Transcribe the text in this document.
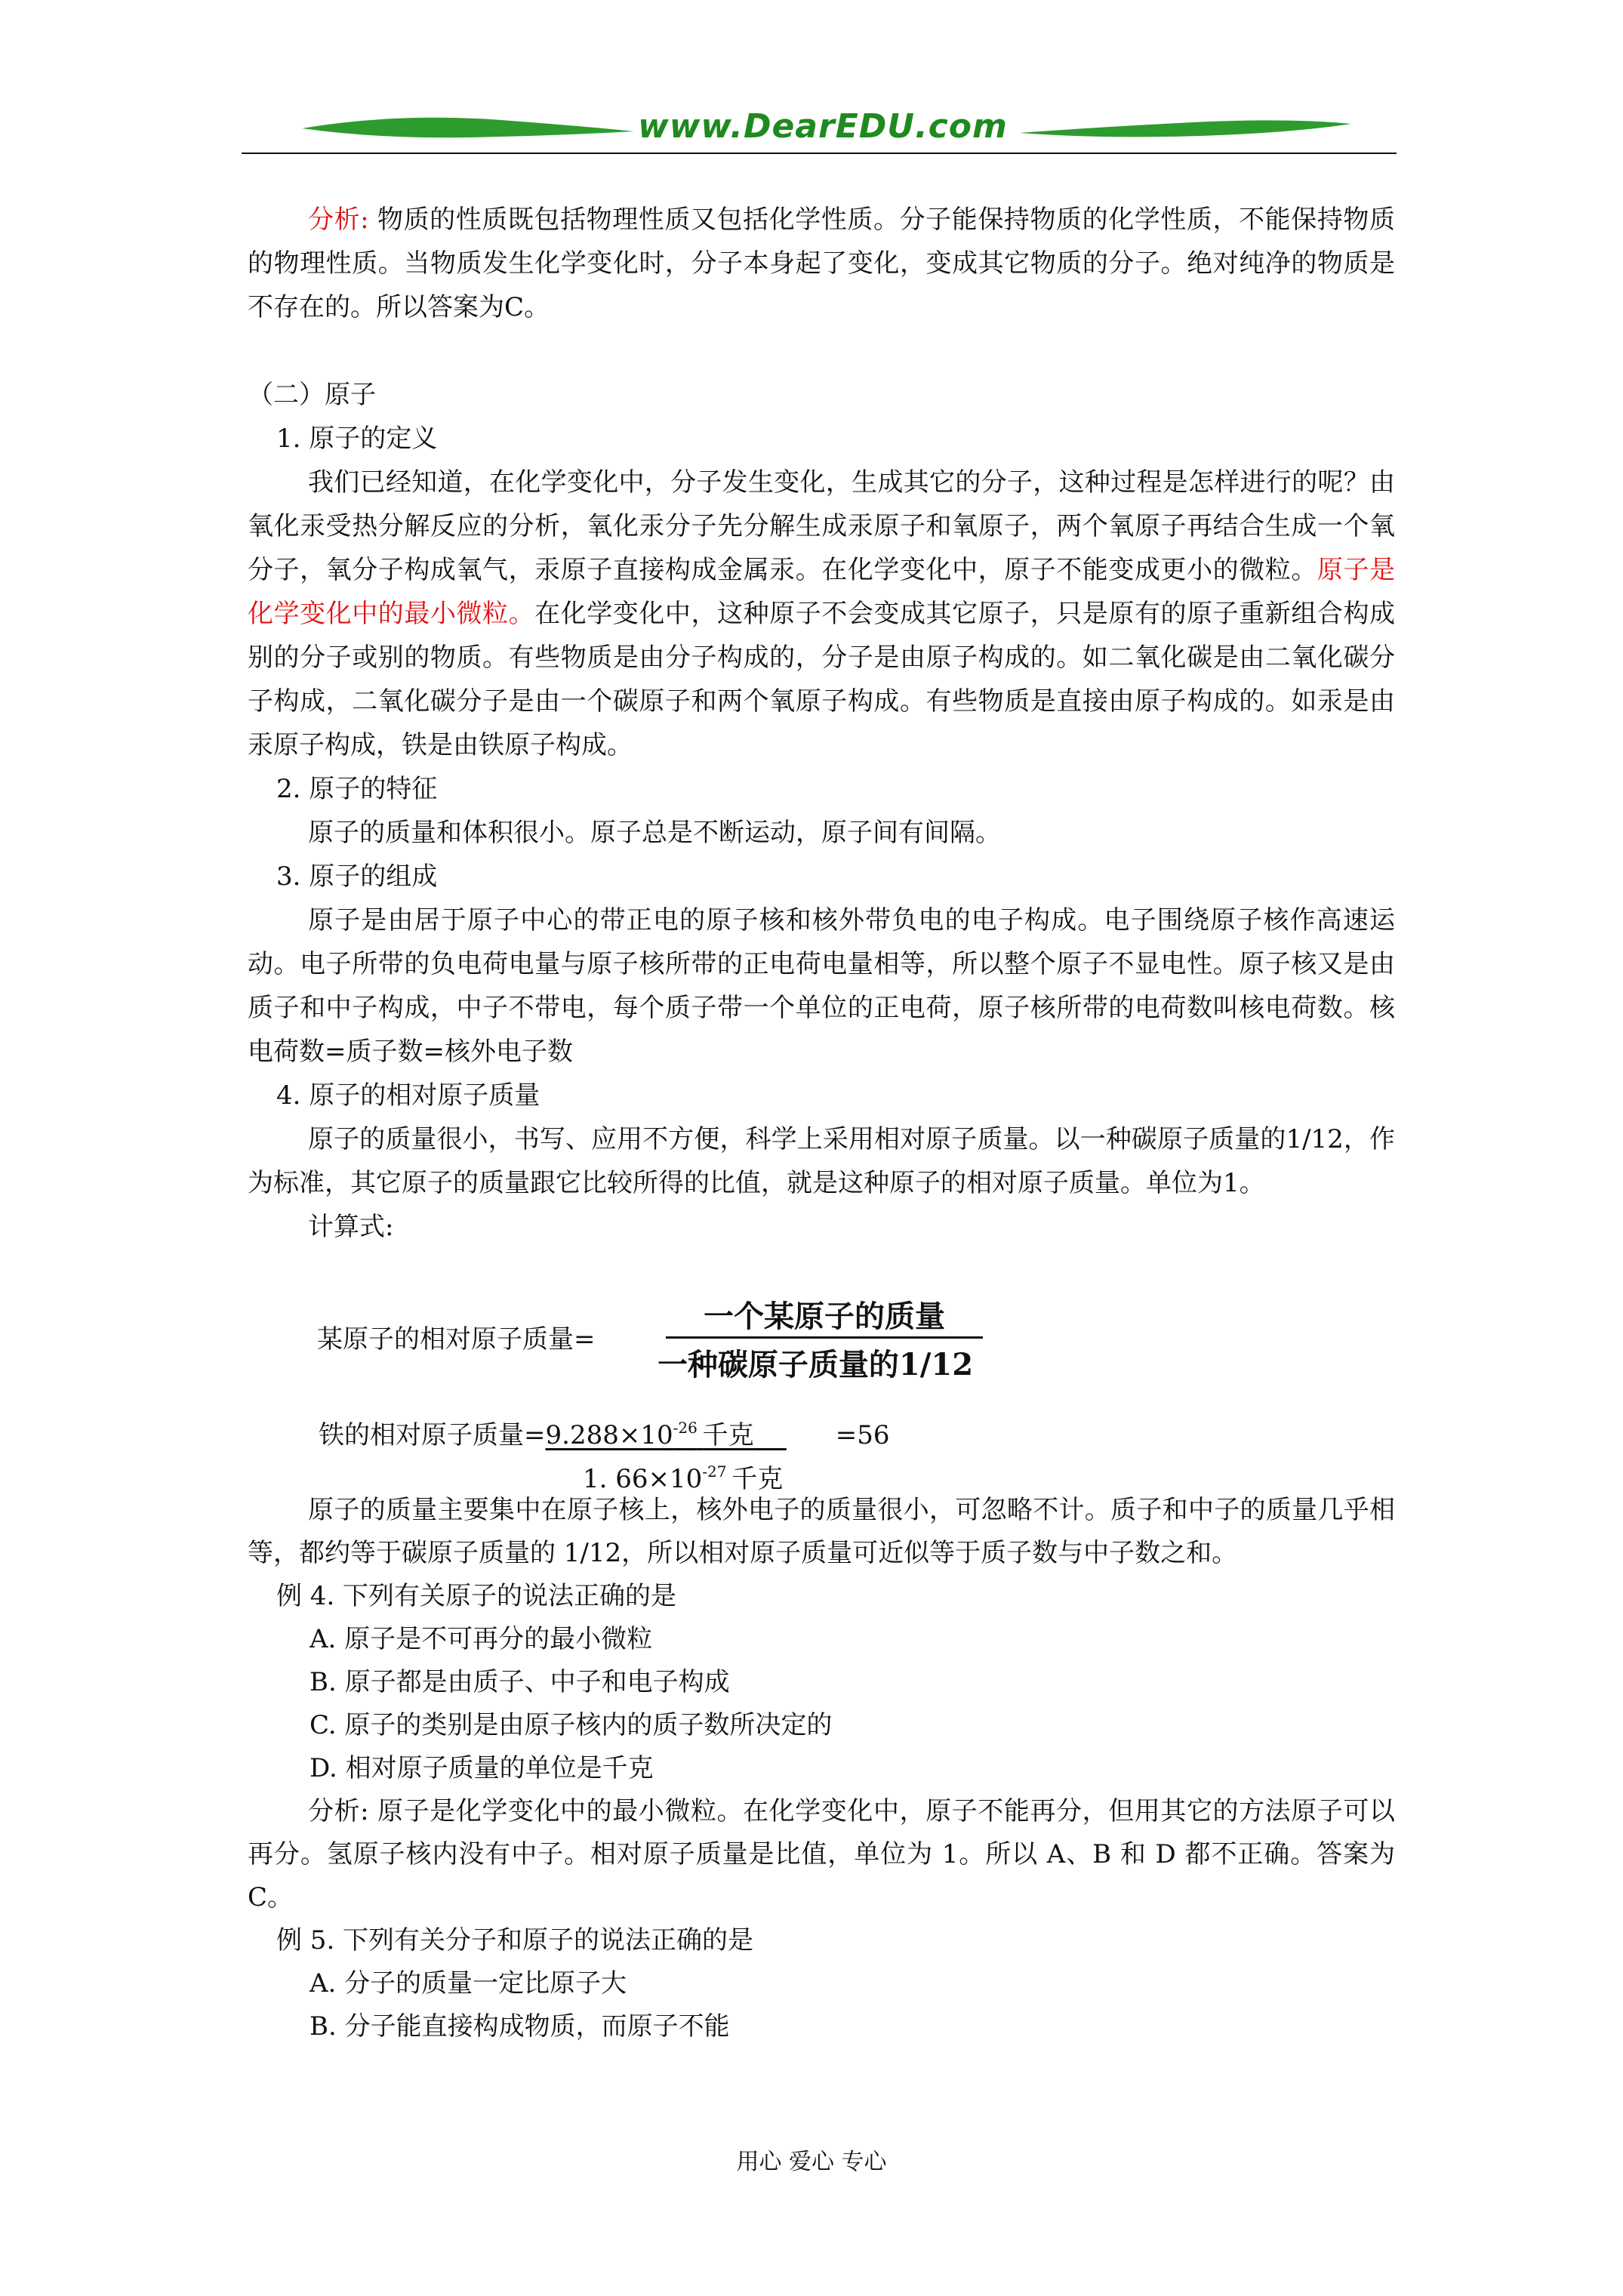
www.DearEDU.com

分析: 物质的性质既包括物理性质又包括化学性质。分子能保持物质的化学性质，不能保持物质的物理性质。当物质发生化学变化时，分子本身起了变化，变成其它物质的分子。绝对纯净的物质是不存在的。所以答案为C。

（二）原子

1. 原子的定义

我们已经知道，在化学变化中，分子发生变化，生成其它的分子，这种过程是怎样进行的呢？由氧化汞受热分解反应的分析，氧化汞分子先分解生成汞原子和氧原子，两个氧原子再结合生成一个氧分子，氧分子构成氧气，汞原子直接构成金属汞。在化学变化中，原子不能变成更小的微粒。原子是化学变化中的最小微粒。在化学变化中，这种原子不会变成其它原子，只是原有的原子重新组合构成别的分子或别的物质。有些物质是由分子构成的，分子是由原子构成的。如二氧化碳是由二氧化碳分子构成，二氧化碳分子是由一个碳原子和两个氧原子构成。有些物质是直接由原子构成的。如汞是由汞原子构成，铁是由铁原子构成。

2. 原子的特征

原子的质量和体积很小。原子总是不断运动，原子间有间隔。

3. 原子的组成

原子是由居于原子中心的带正电的原子核和核外带负电的电子构成。电子围绕原子核作高速运动。电子所带的负电荷电量与原子核所带的正电荷电量相等，所以整个原子不显电性。原子核又是由质子和中子构成，中子不带电，每个质子带一个单位的正电荷，原子核所带的电荷数叫核电荷数。核电荷数=质子数=核外电子数

4. 原子的相对原子质量

原子的质量很小，书写、应用不方便，科学上采用相对原子质量。以一种碳原子质量的1/12，作为标准，其它原子的质量跟它比较所得的比值，就是这种原子的相对原子质量。单位为1。

计算式:

某原子的相对原子质量=
一个某原子的质量
一种碳原子质量的1/12
铁的相对原子质量$=9.288\times 10^{-26}$  千克	=56
1. $66\times 10^{-27}$  千克

原子的质量主要集中在原子核上，核外电子的质量很小，可忽略不计。质子和中子的质量几乎相等，都约等于碳原子质量的 1/12，所以相对原子质量可近似等于质子数与中子数之和。

例 4. 下列有关原子的说法正确的是

A. 原子是不可再分的最小微粒

B. 原子都是由质子、中子和电子构成

C. 原子的类别是由原子核内的质子数所决定的

D. 相对原子质量的单位是千克

分析: 原子是化学变化中的最小微粒。在化学变化中，原子不能再分，但用其它的方法原子可以再分。氢原子核内没有中子。相对原子质量是比值，单位为 1。所以 A、B 和 D 都不正确。答案为 C。

例 5. 下列有关分子和原子的说法正确的是

A. 分子的质量一定比原子大

B. 分子能直接构成物质，而原子不能

用心 爱心 专心
